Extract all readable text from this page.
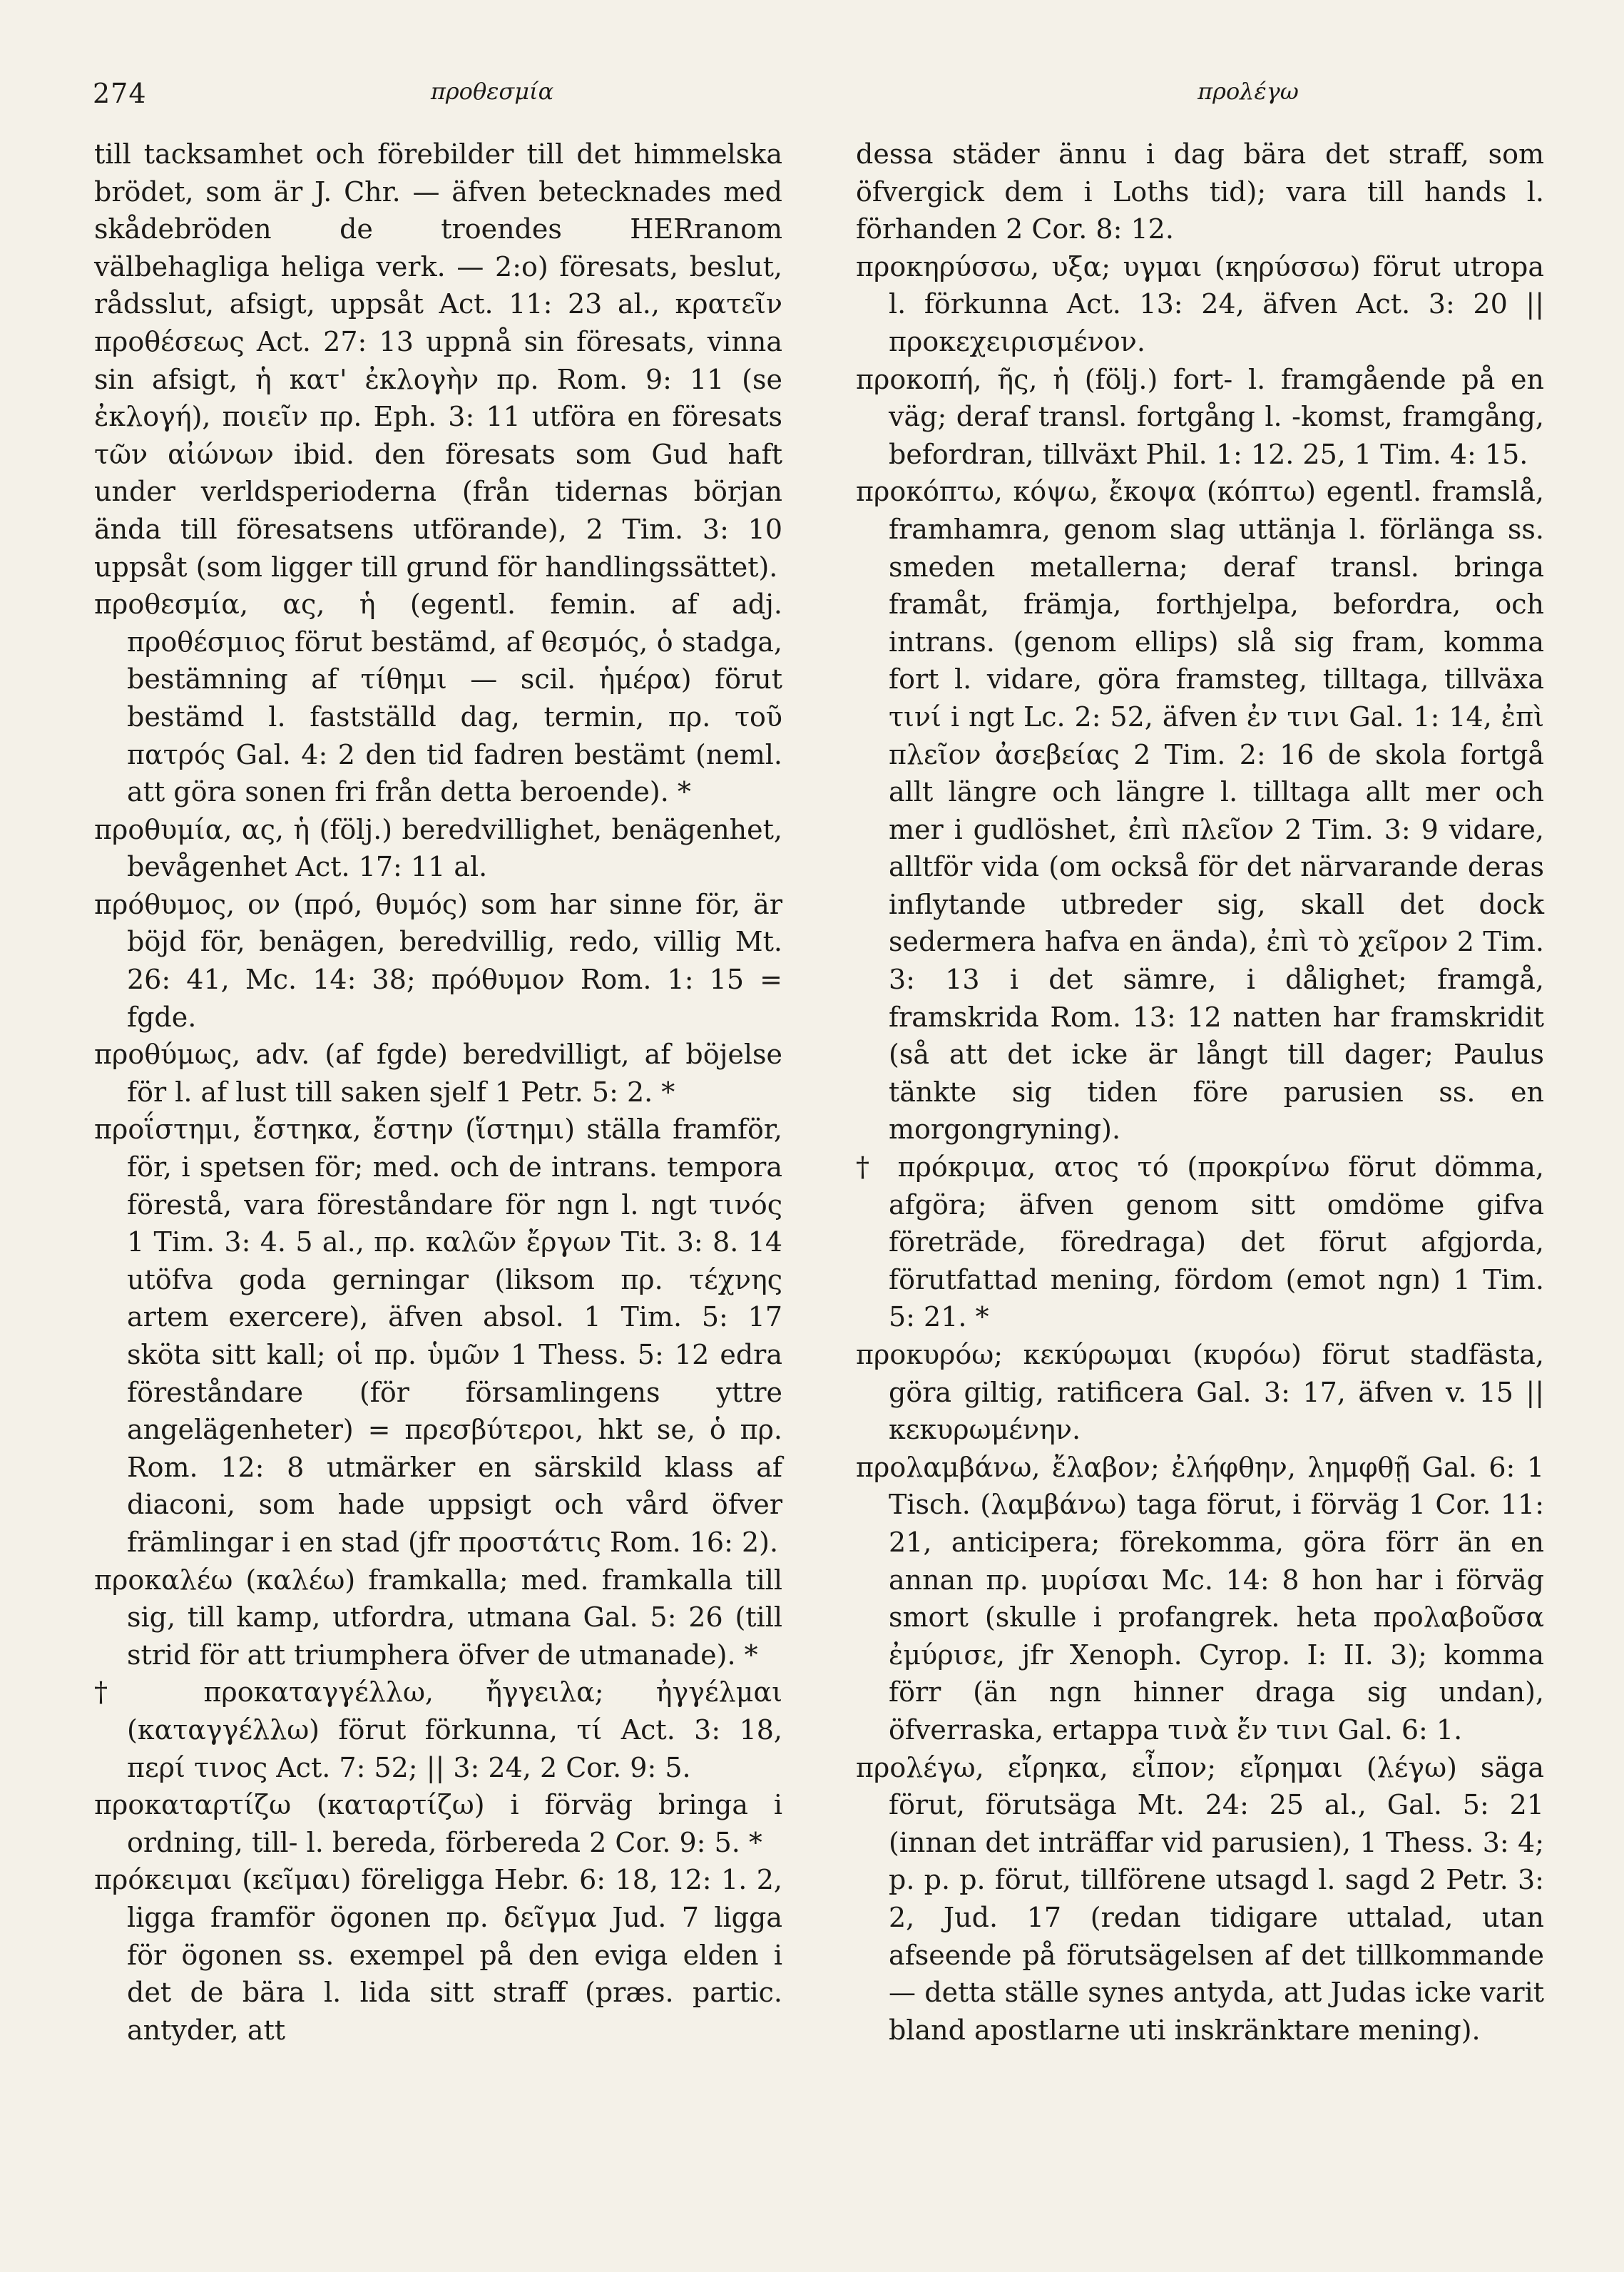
274	προθεσμία	προλέγω

till tacksamhet och förebilder till det himmelska brödet, som är J. Chr. — äfven betecknades med skådebröden de troendes HERranom välbehagliga heliga verk. — 2:o) föresats, beslut, rådsslut, afsigt, uppsåt Act. 11: 23 al., κρατεῖν προθέσεως Act. 27: 13 uppnå sin föresats, vinna sin afsigt, ἡ κατ' ἐκλογὴν πρ. Rom. 9: 11 (se ἐκλογή), ποιεῖν πρ. Eph. 3: 11 utföra en föresats τῶν αἰώνων ibid. den föresats som Gud haft under verldsperioderna (från tidernas början ända till föresatsens utförande), 2 Tim. 3: 10 uppsåt (som ligger till grund för handlingssättet).

προθεσμία, ας, ἡ (egentl. femin. af adj. προθέσμιος förut bestämd, af θεσμός, ὁ stadga, bestämning af τίθημι — scil. ἡμέρα) förut bestämd l. fastställd dag, termin, πρ. τοῦ πατρός Gal. 4: 2 den tid fadren bestämt (neml. att göra sonen fri från detta beroende). *

προθυμία, ας, ἡ (följ.) beredvillighet, benägenhet, bevågenhet Act. 17: 11 al.

πρόθυμος, ον (πρό, θυμός) som har sinne för, är böjd för, benägen, beredvillig, redo, villig Mt. 26: 41, Mc. 14: 38; πρόθυμον Rom. 1: 15 = fgde.

προθύμως, adv. (af fgde) beredvilligt, af böjelse för l. af lust till saken sjelf 1 Petr. 5: 2. *

προΐστημι, ἔστηκα, ἔστην (ἵστημι) ställa framför, för, i spetsen för; med. och de intrans. tempora förestå, vara föreståndare för ngn l. ngt τινός 1 Tim. 3: 4. 5 al., πρ. καλῶν ἔργων Tit. 3: 8. 14 utöfva goda gerningar (liksom πρ. τέχνης artem exercere), äfven absol. 1 Tim. 5: 17 sköta sitt kall; οἱ πρ. ὑμῶν 1 Thess. 5: 12 edra föreståndare (för församlingens yttre angelägenheter) = πρεσβύτεροι, hkt se, ὁ πρ. Rom. 12: 8 utmärker en särskild klass af diaconi, som hade uppsigt och vård öfver främlingar i en stad (jfr προστάτις Rom. 16: 2).

προκαλέω (καλέω) framkalla; med. framkalla till sig, till kamp, utfordra, utmana Gal. 5: 26 (till strid för att triumphera öfver de utmanade). *

† προκαταγγέλλω, ἤγγειλα; ἠγγέλμαι (καταγγέλλω) förut förkunna, τί Act. 3: 18, περί τινος Act. 7: 52; || 3: 24, 2 Cor. 9: 5.

προκαταρτίζω (καταρτίζω) i förväg bringa i ordning, till- l. bereda, förbereda 2 Cor. 9: 5. *

πρόκειμαι (κεῖμαι) föreligga Hebr. 6: 18, 12: 1. 2, ligga framför ögonen πρ. δεῖγμα Jud. 7 ligga för ögonen ss. exempel på den eviga elden i det de bära l. lida sitt straff (præs. partic. antyder, att

dessa städer ännu i dag bära det straff, som öfvergick dem i Loths tid); vara till hands l. förhanden 2 Cor. 8: 12.

προκηρύσσω, υξα; υγμαι (κηρύσσω) förut utropa l. förkunna Act. 13: 24, äfven Act. 3: 20 || προκεχειρισμένον.

προκοπή, ῆς, ἡ (följ.) fort- l. framgående på en väg; deraf transl. fortgång l. -komst, framgång, befordran, tillväxt Phil. 1: 12. 25, 1 Tim. 4: 15.

προκόπτω, κόψω, ἔκοψα (κόπτω) egentl. framslå, framhamra, genom slag uttänja l. förlänga ss. smeden metallerna; deraf transl. bringa framåt, främja, forthjelpa, befordra, och intrans. (genom ellips) slå sig fram, komma fort l. vidare, göra framsteg, tilltaga, tillväxa τινί i ngt Lc. 2: 52, äfven ἐν τινι Gal. 1: 14, ἐπὶ πλεῖον ἀσεβείας 2 Tim. 2: 16 de skola fortgå allt längre och längre l. tilltaga allt mer och mer i gudlöshet, ἐπὶ πλεῖον 2 Tim. 3: 9 vidare, alltför vida (om också för det närvarande deras inflytande utbreder sig, skall det dock sedermera hafva en ända), ἐπὶ τὸ χεῖρον 2 Tim. 3: 13 i det sämre, i dålighet; framgå, framskrida Rom. 13: 12 natten har framskridit (så att det icke är långt till dager; Paulus tänkte sig tiden före parusien ss. en morgongryning).

† πρόκριμα, ατος τό (προκρίνω förut dömma, afgöra; äfven genom sitt omdöme gifva företräde, föredraga) det förut afgjorda, förutfattad mening, fördom (emot ngn) 1 Tim. 5: 21. *

προκυρόω; κεκύρωμαι (κυρόω) förut stadfästa, göra giltig, ratificera Gal. 3: 17, äfven v. 15 || κεκυρωμένην.

προλαμβάνω, ἔλαβον; ἐλήφθην, λημφθῇ Gal. 6: 1 Tisch. (λαμβάνω) taga förut, i förväg 1 Cor. 11: 21, anticipera; förekomma, göra förr än en annan πρ. μυρίσαι Mc. 14: 8 hon har i förväg smort (skulle i profangrek. heta προλαβοῦσα ἐμύρισε, jfr Xenoph. Cyrop. I: II. 3); komma förr (än ngn hinner draga sig undan), öfverraska, ertappa τινὰ ἔν τινι Gal. 6: 1.

προλέγω, εἴρηκα, εἶπον; εἴρημαι (λέγω) säga förut, förutsäga Mt. 24: 25 al., Gal. 5: 21 (innan det inträffar vid parusien), 1 Thess. 3: 4; p. p. p. förut, tillförene utsagd l. sagd 2 Petr. 3: 2, Jud. 17 (redan tidigare uttalad, utan afseende på förutsägelsen af det tillkommande — detta ställe synes antyda, att Judas icke varit bland apostlarne uti inskränktare mening).
